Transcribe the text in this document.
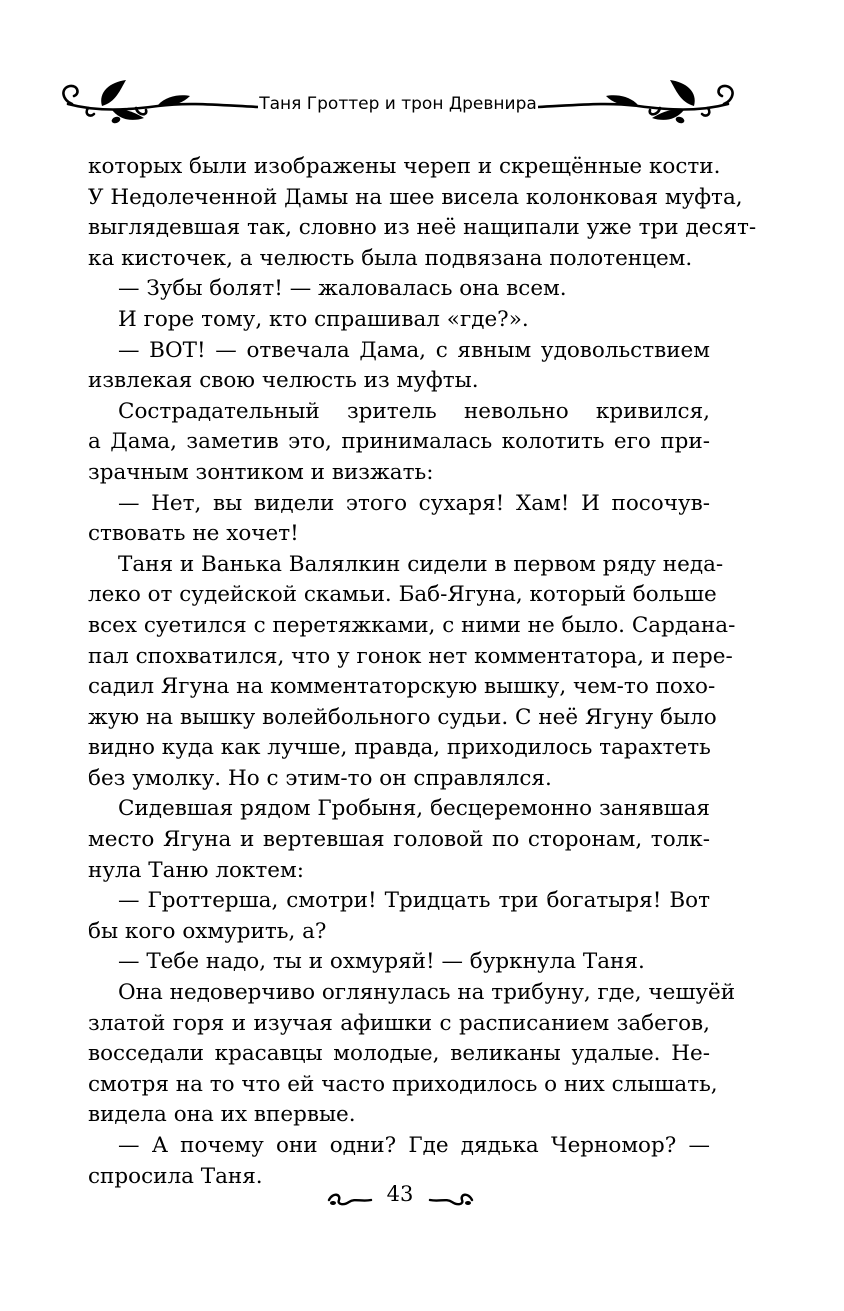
Таня Гроттер и трон Древнира
которых были изображены череп и скрещённые кости.
У Недолеченной Дамы на шее висела колонковая муфта,
выглядевшая так, словно из неё нащипали уже три десят-
ка кисточек, а челюсть была подвязана полотенцем.
— Зубы болят! — жаловалась она всем.
И горе тому, кто спрашивал «где?».
— ВОТ! — отвечала Дама, с явным удовольствием
извлекая свою челюсть из муфты.
Сострадательный зритель невольно кривился,
а Дама, заметив это, принималась колотить его при-
зрачным зонтиком и визжать:
— Нет, вы видели этого сухаря! Хам! И посочув-
ствовать не хочет!
Таня и Ванька Валялкин сидели в первом ряду неда-
леко от судейской скамьи. Баб-Ягуна, который больше
всех суетился с перетяжками, с ними не было. Сардана-
пал спохватился, что у гонок нет комментатора, и пере-
садил Ягуна на комментаторскую вышку, чем-то похо-
жую на вышку волейбольного судьи. С неё Ягуну было
видно куда как лучше, правда, приходилось тарахтеть
без умолку. Но с этим-то он справлялся.
Сидевшая рядом Гробыня, бесцеремонно занявшая
место Ягуна и вертевшая головой по сторонам, толк-
нула Таню локтем:
— Гроттерша, смотри! Тридцать три богатыря! Вот
бы кого охмурить, а?
— Тебе надо, ты и охмуряй! — буркнула Таня.
Она недоверчиво оглянулась на трибуну, где, чешуёй
златой горя и изучая афишки с расписанием забегов,
восседали красавцы молодые, великаны удалые. Не-
смотря на то что ей часто приходилось о них слышать,
видела она их впервые.
— А почему они одни? Где дядька Черномор? —
спросила Таня.
43
